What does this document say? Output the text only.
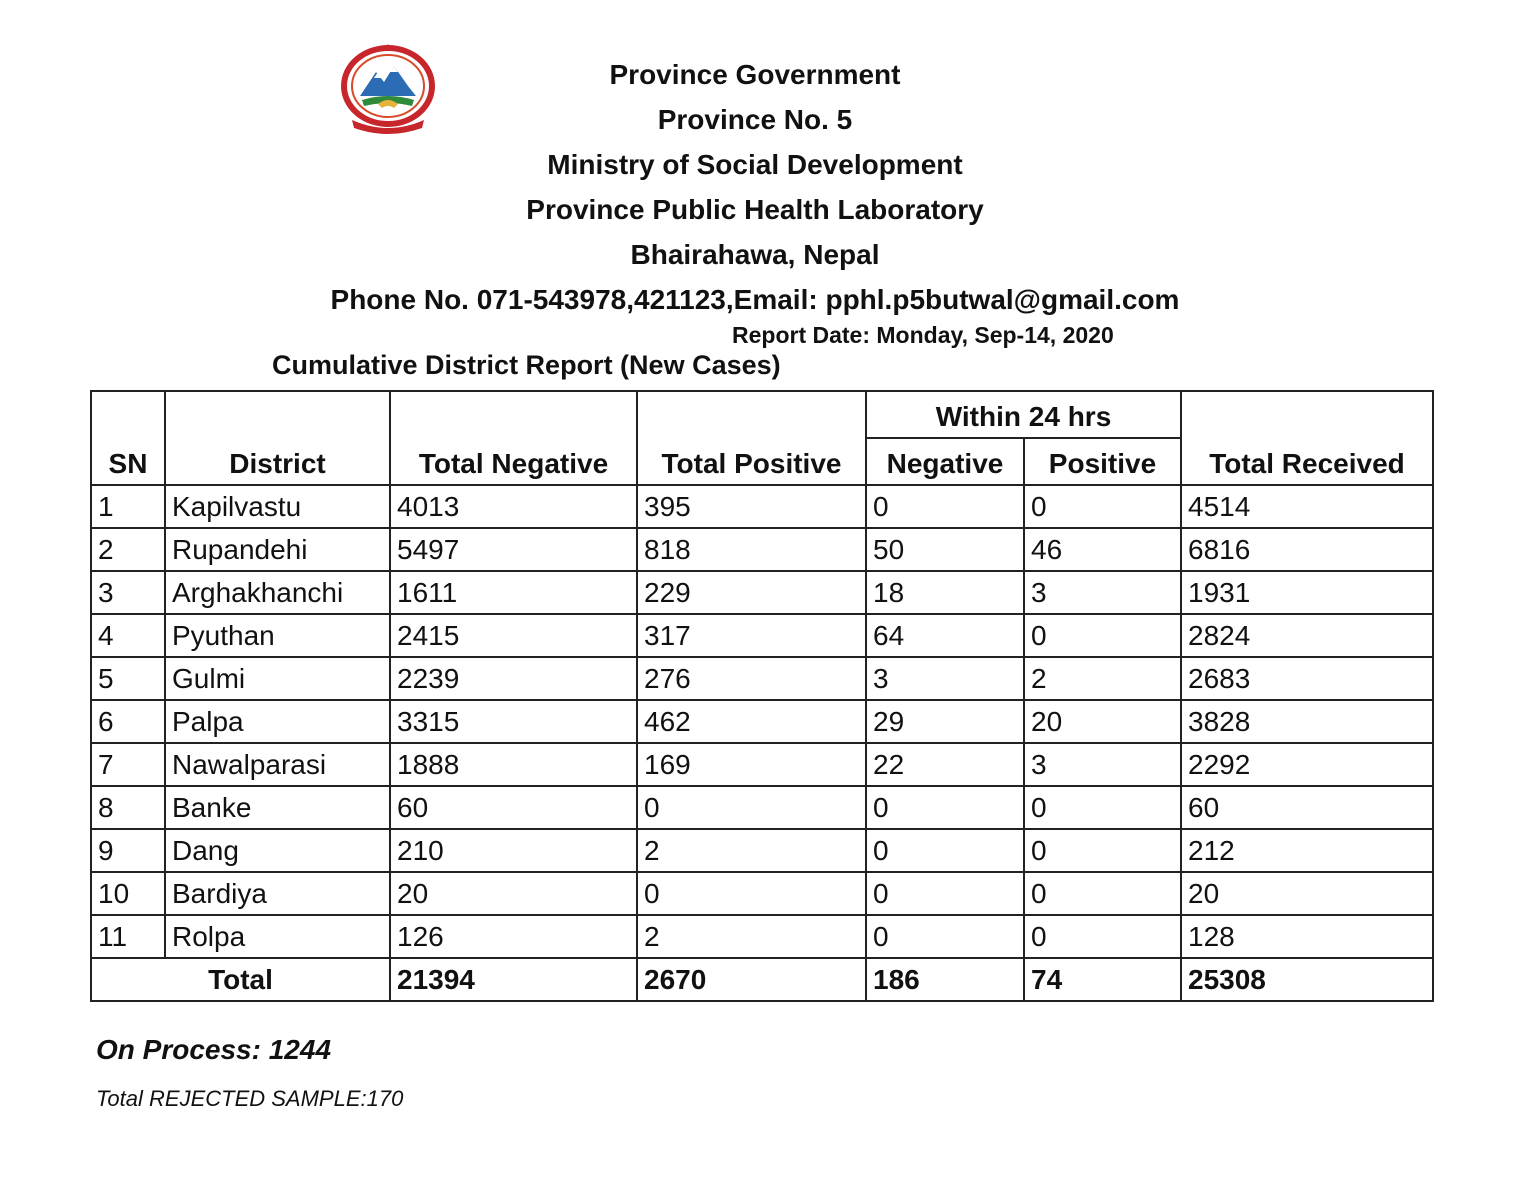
Province Government
Province No. 5
Ministry of Social Development
Province Public Health Laboratory
Bhairahawa, Nepal
Phone No. 071-543978,421123,Email: pphl.p5butwal@gmail.com
Report Date: Monday, Sep-14, 2020
Cumulative District Report (New Cases)
SN	District	Total Negative	Total Positive	Within 24 hrs		Total Received
				Negative	Positive	
1	Kapilvastu	4013	395	0	0	4514
2	Rupandehi	5497	818	50	46	6816
3	Arghakhanchi	1611	229	18	3	1931
4	Pyuthan	2415	317	64	0	2824
5	Gulmi	2239	276	3	2	2683
6	Palpa	3315	462	29	20	3828
7	Nawalparasi	1888	169	22	3	2292
8	Banke	60	0	0	0	60
9	Dang	210	2	0	0	212
10	Bardiya	20	0	0	0	20
11	Rolpa	126	2	0	0	128
Total		21394	2670	186	74	25308
On Process: 1244
Total REJECTED SAMPLE:170
